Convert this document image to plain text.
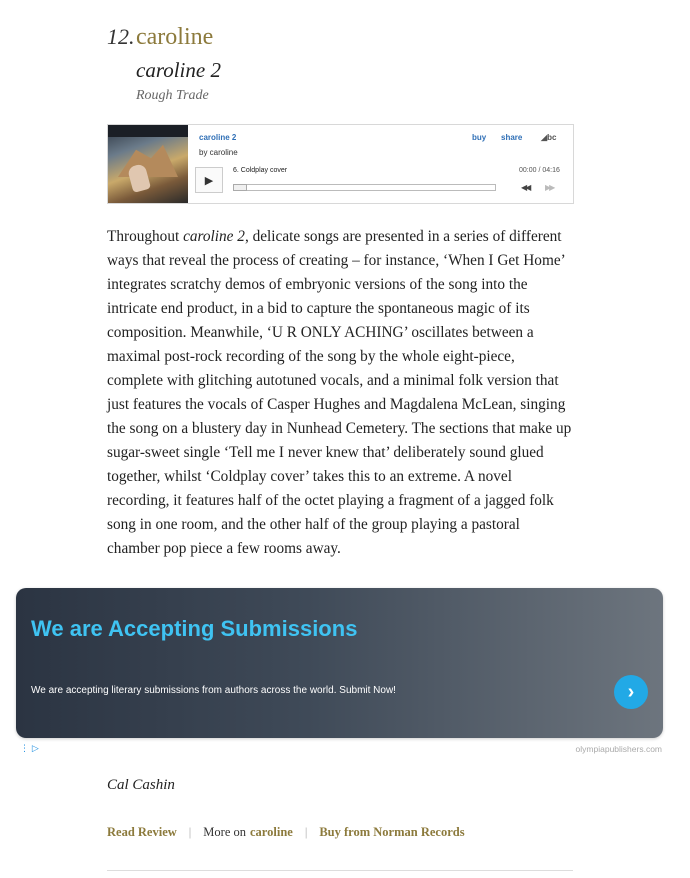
12. caroline
caroline 2
Rough Trade
caroline 2
by caroline
buy share ◢bc
▶
6. Coldplay cover	00:00 / 04:16
◀◀ ▶▶

Throughout caroline 2, delicate songs are presented in a series of different ways that reveal the process of creating – for instance, ‘When I Get Home’ integrates scratchy demos of embryonic versions of the song into the intricate end product, in a bid to capture the spontaneous magic of its composition. Meanwhile, ‘U R ONLY ACHING’ oscillates between a maximal post-rock recording of the song by the whole eight-piece, complete with glitching autotuned vocals, and a minimal folk version that just features the vocals of Casper Hughes and Magdalena McLean, singing the song on a blustery day in Nunhead Cemetery. The sections that make up sugar-sweet single ‘Tell me I never knew that’ deliberately sound glued together, whilst ‘Coldplay cover’ takes this to an extreme. A novel recording, it features half of the octet playing a fragment of a jagged folk song in one room, and the other half of the group playing a pastoral chamber pop piece a few rooms away.

We are Accepting Submissions
We are accepting literary submissions from authors across the world. Submit Now!	›
⋮ ▷	olympiapublishers.com
Cal Cashin
Read Review | More on caroline | Buy from Norman Records
